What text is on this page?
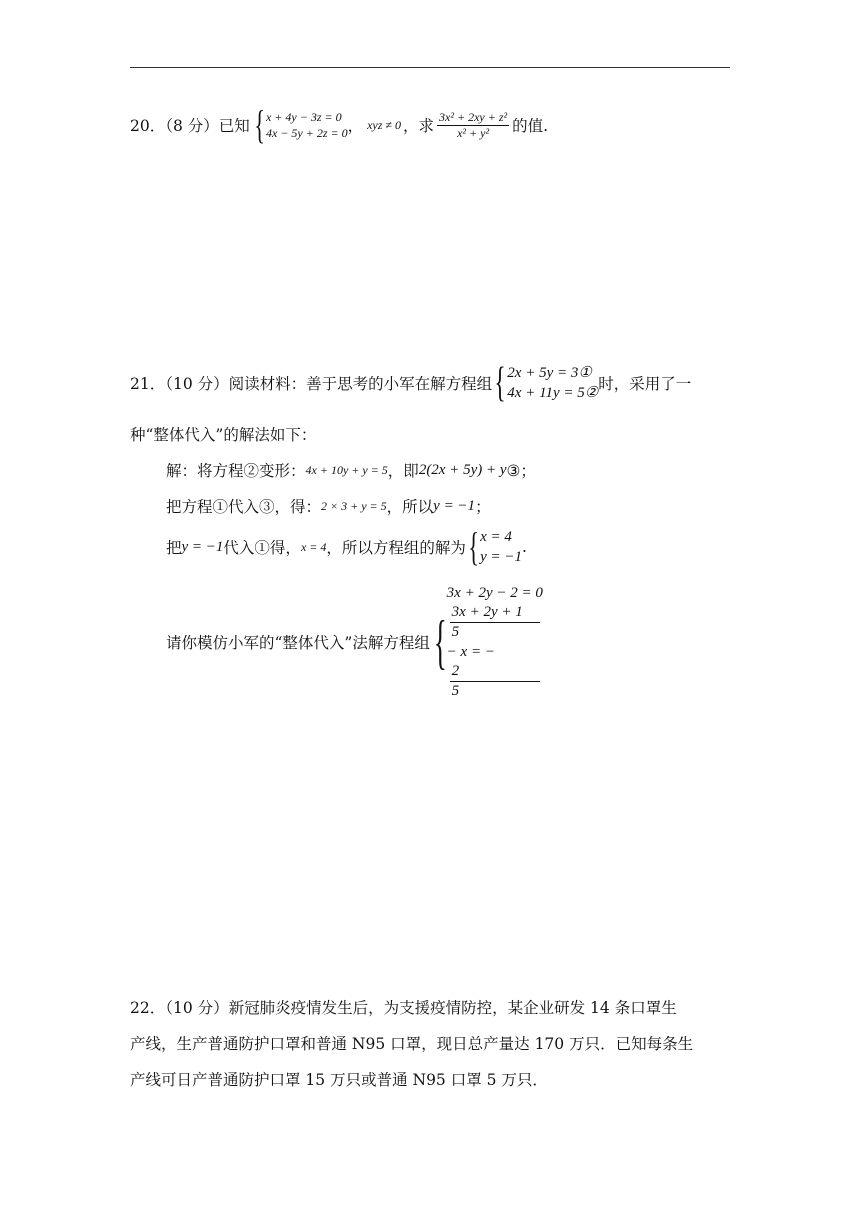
20．（8 分）已知 { x + 4y − 3z = 0
4x − 5y + 2z = 0 ， xyz ≠ 0 ，求 $\frac{\text{3x² + 2xy + z²}}{\text{x² + y²}}$ 的值.
21．（10 分）阅读材料：善于思考的小军在解方程组 { 2x + 5y = 3①
4x + 11y = 5② 时，采用了一
种“整体代入”的解法如下：
解：将方程②变形： 4x + 10y + y = 5 ，即 2(2x + 5y) + y ③；
把方程①代入③，得： 2 × 3 + y = 5 ，所以 y = −1 ；
把 y = −1 代入①得， x = 4 ，所以方程组的解为 { x = 4
y = −1
.
请你模仿小军的“整体代入”法解方程组 {
3x + 2y − 2 = 0
3x + 2y + 1
5
− x = −
2
5
22．（10 分）新冠肺炎疫情发生后，为支援疫情防控，某企业研发 14 条口罩生
产线，生产普通防护口罩和普通 N95 口罩，现日总产量达 170 万只．已知每条生
产线可日产普通防护口罩 15 万只或普通 N95 口罩 5 万只．
